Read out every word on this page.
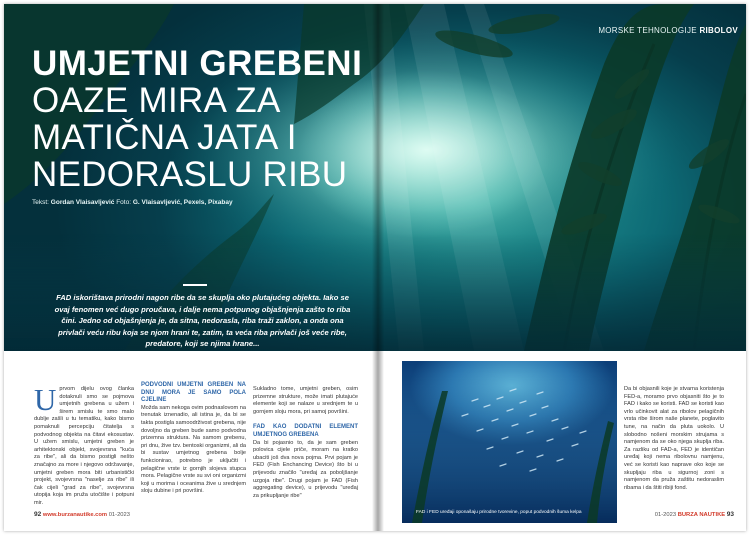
MORSKE TEHNOLOGIJE RIBOLOV
UMJETNI GREBENI
OAZE MIRA ZA
MATIČNA JATA I
NEDORASLU RIBU
Tekst: Gordan Vlaisavljević Foto: G. Vlaisavljević, Pexels, Pixabay
FAD iskorištava prirodni nagon ribe da se skuplja oko plutajućeg objekta. Iako se ovaj fenomen već dugo proučava, i dalje nema potpunog objašnjenja zašto to riba čini. Jedno od objašnjenja je, da sitna, nedorasla, riba traži zaklon, a onda ona privlači veću ribu koja se njom hrani te, zatim, ta veća riba privlači još veće ribe, predatore, koji se njima hrane...
U prvom dijelu ovog članka dotaknuli smo se pojmova umjetnih grebena u užem i širem smislu te smo malo dublje zašli u tu tematiku, kako bismo pomaknuli percepciju čitatelja s podvodnog objekta na čitavi ekosustav. U užem smislu, umjetni greben je arhitektonski objekt, svojevrsna "kuća za ribe", ali da bismo postigli nešto značajno za more i njegovo održavanje, umjetni greben mora biti urbanistički projekt, svojevrsna "naselje za ribe" ili čak cijeli "grad za ribe", svojevrsna utopija koja im pruža utočište i potpuni mir.

PODVODNI UMJETNI GREBEN NA DNU MORA JE SAMO POLA CJELINE

Možda sam nekoga ovim podnaslovom na trenutak iznenadio, ali istina je, da bi se takta postigla samoodrživost grebena, nije dovoljno da greben bude samo podvodna prizemna struktura. Na samom grebenu, pri dnu, žive tzv. bentoski organizmi, ali da bi sustav umjetnog grebena bolje funkcionirao, potrebno je uključiti i pelagične vrste iz gornjih slojeva stupca mora. Pelagične vrste su svi oni organizmi koji u morima i oceanima žive u srednjem sloju dubine i pri površini.

Sukladno tome, umjetni greben, osim prizemne strukture, može imati plutajuće elemente koji se nalaze u srednjem te u gornjem sloju mora, pri samoj površini.

FAD KAO DODATNI ELEMENT UMJETNOG GREBENA

Da bi pojasnio to, da je sam greben polovica cijele priče, moram na kratko ubaciti još dva nova pojma. Prvi pojam je FED (Fish Enchancing Device) što bi u prijevodu značilo "uređaj za poboljšanje uzgoja ribe". Drugi pojam je FAD (Fish aggregating device), u prijevodu "uređaj za prikupljanje ribe"

FAD i FED uređaji oponašaju prirodne tvorevine, poput podvodnih šuma kelpa

Da bi objasnili koje je stvarna koristenja FED-a, moramo prvo objasniti što je to FAD i kako se koristi. FAD se koristi kao vrlo učinkovit alat za ribolov pelagičnih vrsta ribe širom naše planete, poglavito tune, na način da pluta uokolo. U slobodno nošeni morskim strujama s namjenom da se oko njega skuplja riba. Za razliku od FAD-a, FED je identičan uređaj koji nema ribolovnu namjenu, već se koristi kao naprave oko koje se skupljaju riba u sigurnoj zoni s namjenom da pruža zaštitu nedoraslim ribama i da štiti ribiji fond.

92 www.burzanautike.com 01-2023	01-2023 BURZA NAUTIKE 93
